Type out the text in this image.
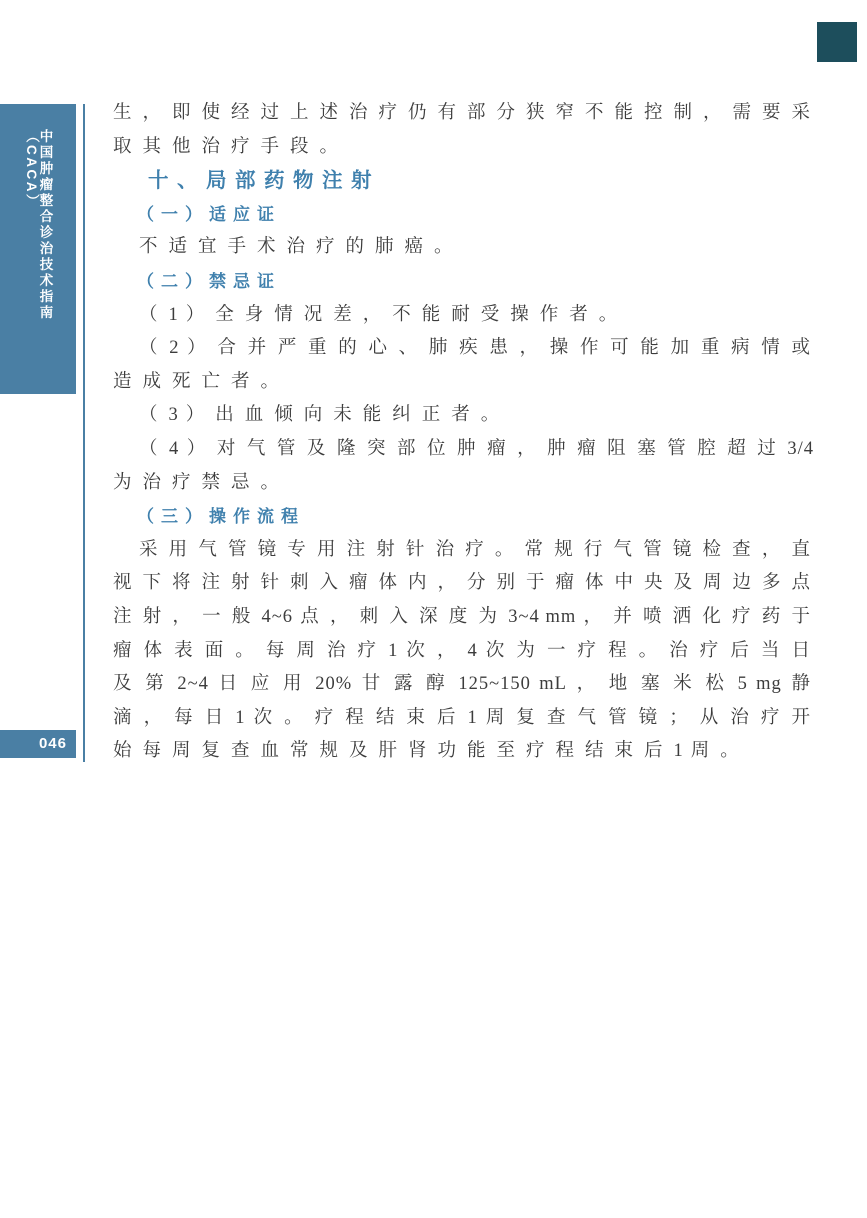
中国肿瘤整合诊治技术指南（CACA）
046

生，即使经过上述治疗仍有部分狭窄不能控制，需要采取其他治疗手段。

十、局部药物注射
（一）适应证

不适宜手术治疗的肺癌。

（二）禁忌证

（1 ）全身情况差，不能耐受操作者。

（2 ）合并严重的心、肺疾患，操作可能加重病情或造成死亡者。

（3 ）出血倾向未能纠正者。

（4 ）对气管及隆突部位肿瘤，肿瘤阻塞管腔超过3/4为治疗禁忌。

（三）操作流程

采用气管镜专用注射针治疗。常规行气管镜检查，直视下将注射针刺入瘤体内，分别于瘤体中央及周边多点注射，一般4~6 点，刺入深度为3~4 mm ，并喷洒化疗药于瘤体表面。每周治疗1 次，4 次为一疗程。治疗后当日及第2~4 日应用20% 甘露醇125~150 mL ，地塞米松5 mg 静滴，每日1 次。疗程结束后1 周复查气管镜；从治疗开始每周复查血常规及肝肾功能至疗程结束后1 周。
